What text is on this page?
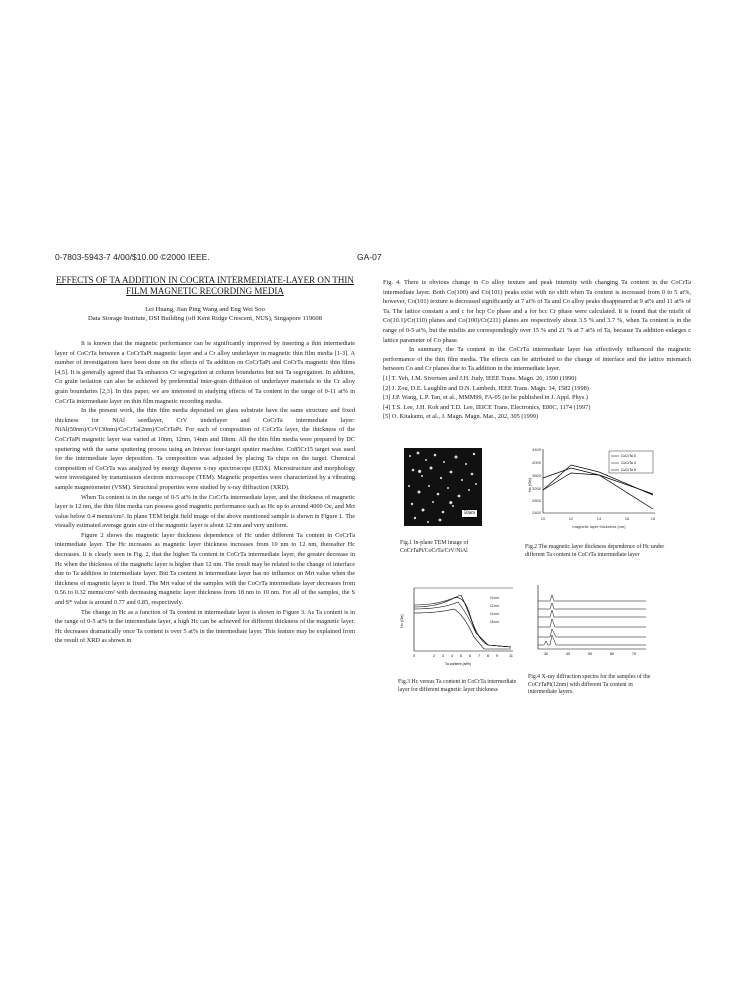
0-7803-5943-7 4/00/$10.00 ©2000 IEEE.	GA-07
EFFECTS OF TA ADDITION IN COCRTA INTERMEDIATE-LAYER ON THIN FILM MAGNETIC RECORDING MEDIA
Lei Huang, Jian Ping Wang and Eng Wei Soo
Data Storage Institute, DSI Building (off Kent Ridge Crescent, NUS), Singapore 119608

It is known that the magnetic performance can be significantly improved by inserting a thin intermediate layer of CoCrTa between a CoCrTaPt magnetic layer and a Cr alloy underlayer in magnetic thin film media [1-3]. A number of investigations have been done on the effects of Ta addition on CoCrTaPt and CoCrTa magnetic thin films [4,5]. It is generally agreed that Ta enhances Cr segregation at column boundaries but not Ta segregation. In addition, Co grain isolation can also be achieved by preferential inter-grain diffusion of underlayer materials to the Cr alloy grain boundaries [2,3]. In this paper, we are interested in studying effects of Ta content in the range of 0-11 at% in CoCrTa intermediate layer on thin film magnetic recording media.

In the present work, the thin film media deposited on glass substrate have the same structure and fixed thickness for NiAl seedlayer, CrV underlayer and CoCrTa intermediate layer: NiAl(50nm)/CrV(30nm)/CoCrTa(2nm)/CoCrTaPt. For each of composition of CoCrTa layer, the thickness of the CoCrTaPt magnetic layer was varied at 10nm, 12nm, 14nm and 18nm. All the thin film media were prepared by DC sputtering with the same sputtering process using an Intevac four-target sputter machine. Co85Cr15 target was used for the intermediate layer deposition. Ta composition was adjusted by placing Ta chips on the target. Chemical composition of CoCrTa was analyzed by energy disperse x-ray spectroscope (EDX). Microstructure and morphology were investigated by transmission electron microscope (TEM). Magnetic properties were characterized by a vibrating sample magnetometer (VSM). Structural properties were studied by x-ray diffraction (XRD).

When Ta content is in the range of 0-5 at% in the CoCrTa intermediate layer, and the thickness of magnetic layer is 12 nm, the thin film media can possess good magnetic performance such as Hc up to around 4000 Oe, and Mrt value below 0.4 memu/cm². In plane TEM bright field image of the above mentioned sample is shown in Figure 1. The visually estimated average grain size of the magnetic layer is about 12 nm and very uniform.

Figure 2 shows the magnetic layer thickness dependence of Hc under different Ta content in CoCrTa intermediate layer. The Hc increases as magnetic layer thickness increases from 10 nm to 12 nm, thereafter Hc decreases. It is clearly seen in Fig. 2, that the higher Ta content in CoCrTa intermediate layer, the greater decrease in Hc when the thickness of the magnetic layer is higher than 12 nm. The result may be related to the change of interface due to Ta addition in intermediate layer. But Ta content in intermediate layer has no influence on Mrt value when the thickness of magnetic layer is fixed. The Mrt value of the samples with the CoCrTa intermediate layer decreases from 0.56 to 0.32 memu/cm² with decreasing magnetic layer thickness from 18 nm to 10 nm. For all of the samples, the S and S* value is around 0.77 and 0.85, respectively.

The change in Hc as a function of Ta content in intermediate layer is shown in Figure 3. As Ta content is in the range of 0-5 at% in the intermediate layer, a high Hc can be achieved for different thickness of the magnetic layer. Hc decreases dramatically once Ta content is over 5 at% in the intermediate layer. This feature may be explained from the result of XRD as shown in

Fig. 4. There is obvious change in Co alloy texture and peak intensity with changing Ta content in the CoCrTa intermediate layer. Both Co(100) and Co(101) peaks exist with no shift when Ta content is increased from 0 to 5 at%, however, Co(101) texture is decreased significantly at 7 at% of Ta and Co alloy peaks disappeared at 9 at% and 11 at% of Ta. The lattice constant a and c for hcp Co phase and a for bcc Cr phase were calculated. It is found that the misfit of Co(10.1)/Cr(110) planes and Co(100)/Cr(211) planes are respectively about 3.5 % and 3.7 %, when Ta content is in the range of 0-5 at%, but the misfits are correspondingly over 15 % and 21 % at 7 at% of Ta, because Ta addition enlarges c lattice parameter of Co phase.

In summary, the Ta content in the CoCrTa intermediate layer has effectively influenced the magnetic performance of the thin film media. The effects can be attributed to the change of interface and the lattice mismatch between Co and Cr planes due to Ta addition in the intermediate layer.

[1] T. Yeh, J.M. Sivertsen and J.H. Judy, IEEE Trans. Magn. 26, 1590 (1990)
[2] J. Zou, D.E. Laughlin and D.N. Lambeth, IEEE Trans. Magn. 34, 1582 (1998)
[3] J.P. Wang, L.P. Tan, et al., MMM99, FA-05 (to be published in J. Appl. Phys.)
[4] T.S. Lee, J.H. Koh and T.D. Lee, IEICE Trans. Electronics, E80C, 1174 (1997)
[5] O. Kitakami, et al., J. Magn. Magn. Mat., 202, 305 (1999)
50nm
Fig.1 In-plane TEM image of CoCrTaPt/CoCrTa/CrV/NiAl
4400
4000
3600
3200
2800
2400
10	12	14	16	18
magnetic layer thickness (nm)
Hc (Oe)
CoCrTa 0
CoCrTa 3
CoCrTa 5
Fig.2 The magnetic layer thickness dependence of Hc under different Ta content in CoCrTa intermediate layer
Hc (Oe)
0	2 3 4 5 6 7 8 9	11
Ta content (at%)
10 nm
12 nm
14 nm
18 nm
Fig.3 Hc versus Ta content in CoCrTa intermediate layer for different magnetic layer thickness
30	40	50	60	70
Fig.4 X-ray diffraction spectra for the samples of the CoCrTaPt(12nm) with different Ta content in intermediate layers.
